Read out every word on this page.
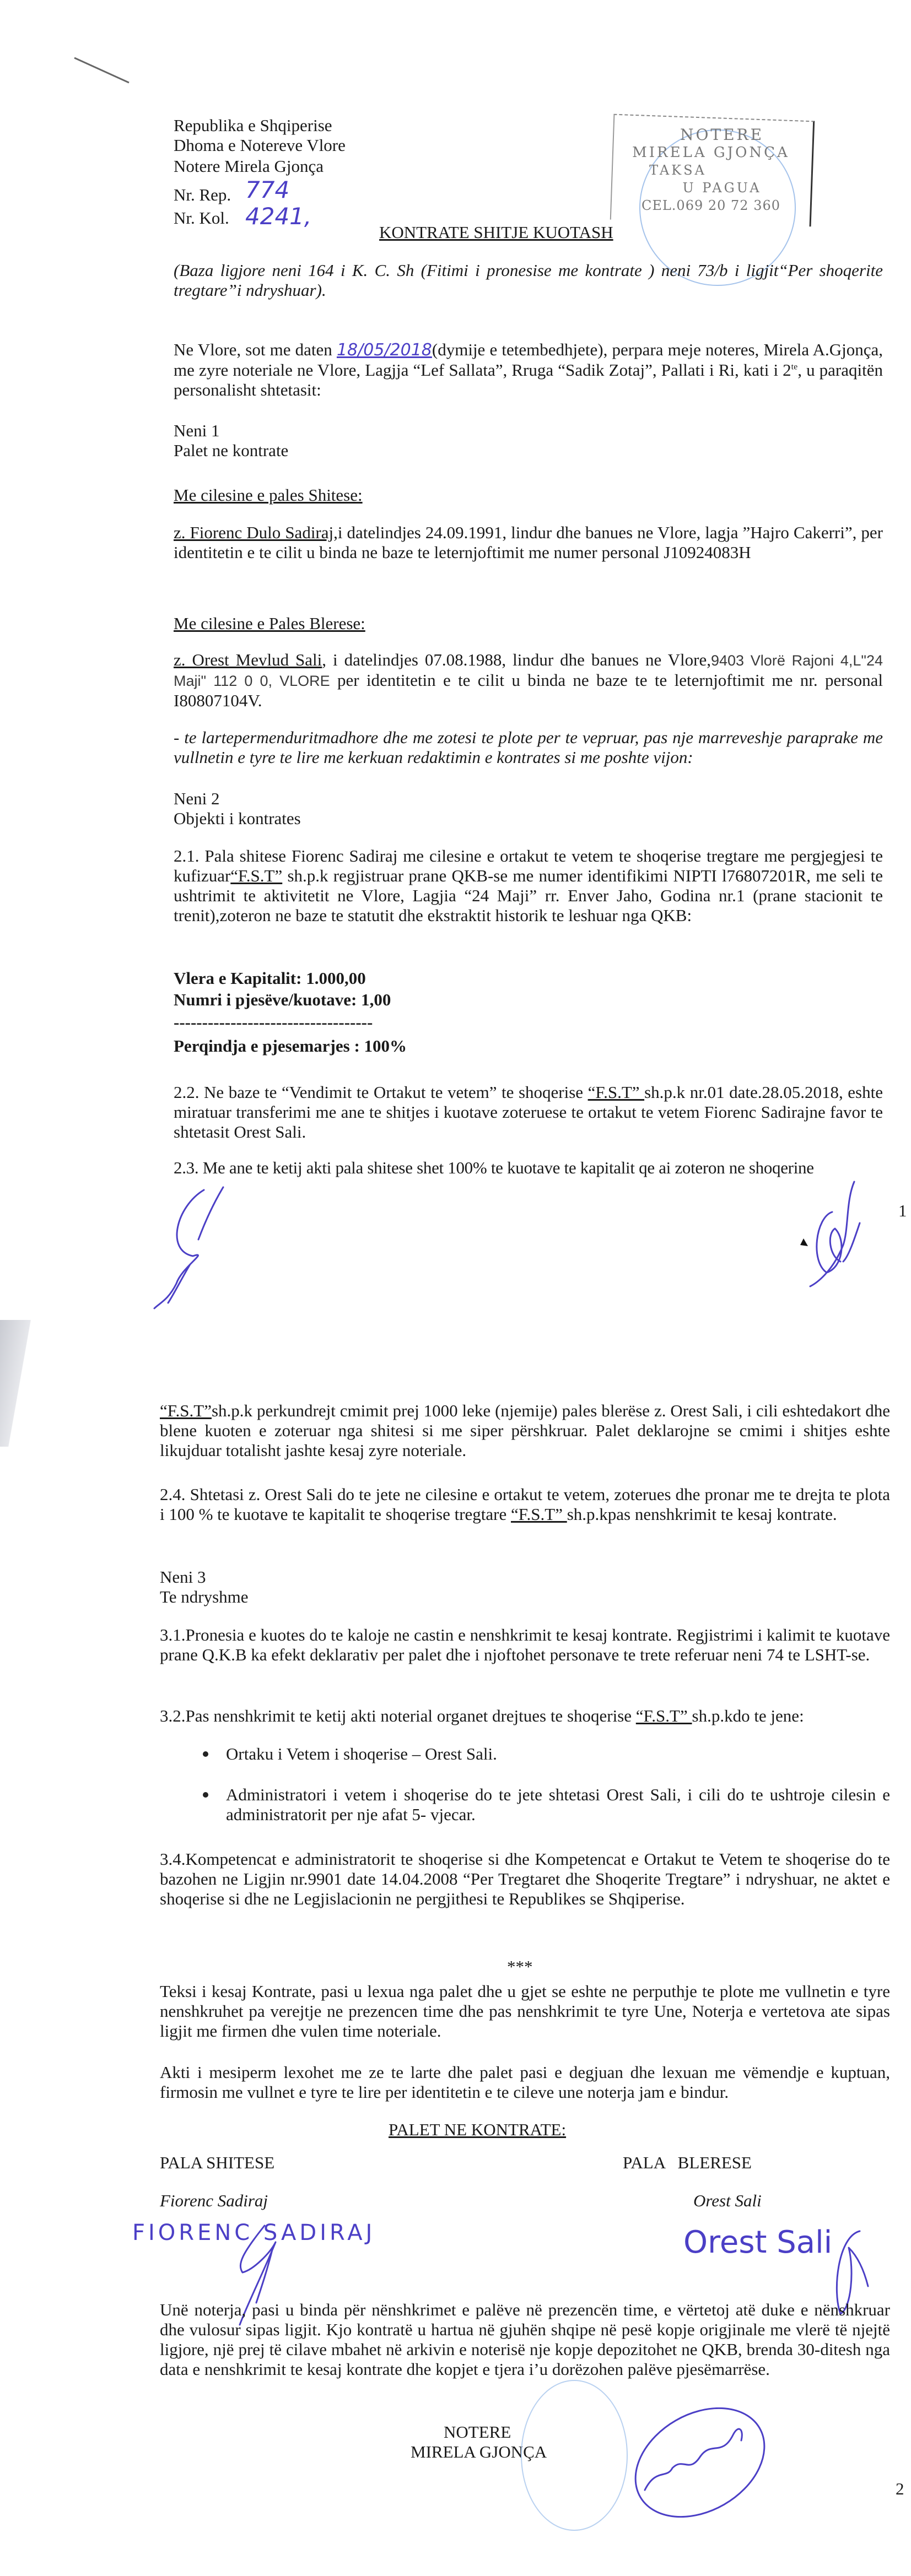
Republika e Shqiperise
Dhoma e Notereve Vlore
Notere Mirela Gjonça
Nr. Rep. 774
Nr. Kol. 4241,
NOTERE
MIRELA GJONÇA
TAKSA
U PAGUA
CEL.069 20 72 360
KONTRATE SHITJE KUOTASH
(Baza ligjore neni 164 i K. C. Sh (Fitimi i pronesise me kontrate ) neni 73/b i ligjit“Per shoqerite tregtare”i ndryshuar).
Ne Vlore, sot me daten 18/05/2018(dymije e tetembedhjete), perpara meje noteres, Mirela A.Gjonça, me zyre noteriale ne Vlore, Lagjja “Lef Sallata”, Rruga “Sadik Zotaj”, Pallati i Ri, kati i $2^{te}$, u paraqitën personalisht shtetasit:
Neni 1
Palet ne kontrate
Me cilesine e pales Shitese:
z. Fiorenc Dulo Sadiraj,i datelindjes 24.09.1991, lindur dhe banues ne Vlore, lagja ”Hajro Cakerri”, per identitetin e te cilit u binda ne baze te leternjoftimit me numer personal J10924083H
Me cilesine e Pales Blerese:
z. Orest Mevlud Sali, i datelindjes 07.08.1988, lindur dhe banues ne Vlore,9403 Vlorë Rajoni 4,L"24 Maji" 112 0 0, VLORE per identitetin e te cilit u binda ne baze te te leternjoftimit me nr. personal I80807104V.
- te lartepermenduritmadhore dhe me zotesi te plote per te vepruar, pas nje marreveshje paraprake me vullnetin e tyre te lire me kerkuan redaktimin e kontrates si me poshte vijon:
Neni 2
Objekti i kontrates
2.1. Pala shitese Fiorenc Sadiraj me cilesine e ortakut te vetem te shoqerise tregtare me pergjegjesi te kufizuar“F.S.T” sh.p.k regjistruar prane QKB-se me numer identifikimi NIPTI l76807201R, me seli te ushtrimit te aktivitetit ne Vlore, Lagjia “24 Maji” rr. Enver Jaho, Godina nr.1 (prane stacionit te trenit),zoteron ne baze te statutit dhe ekstraktit historik te leshuar nga QKB:
Vlera e Kapitalit: 1.000,00
Numri i pjesëve/kuotave: 1,00
-----------------------------------
Perqindja e pjesemarjes : 100%
2.2. Ne baze te “Vendimit te Ortakut te vetem” te shoqerise “F.S.T” sh.p.k nr.01 date.28.05.2018, eshte miratuar transferimi me ane te shitjes i kuotave zoteruese te ortakut te vetem Fiorenc Sadirajne favor te shtetasit Orest Sali.
2.3. Me ane te ketij akti pala shitese shet 100% te kuotave te kapitalit qe ai zoteron ne shoqerine
1
“F.S.T”sh.p.k perkundrejt cmimit prej 1000 leke (njemije) pales blerëse z. Orest Sali, i cili eshtedakort dhe blene kuoten e zoteruar nga shitesi si me siper përshkruar. Palet deklarojne se cmimi i shitjes eshte likujduar totalisht jashte kesaj zyre noteriale.
2.4. Shtetasi z. Orest Sali do te jete ne cilesine e ortakut te vetem, zoterues dhe pronar me te drejta te plota i 100 % te kuotave te kapitalit te shoqerise tregtare “F.S.T” sh.p.kpas nenshkrimit te kesaj kontrate.
Neni 3
Te ndryshme
3.1.Pronesia e kuotes do te kaloje ne castin e nenshkrimit te kesaj kontrate. Regjistrimi i kalimit te kuotave prane Q.K.B ka efekt deklarativ per palet dhe i njoftohet personave te trete referuar neni 74 te LSHT-se.
3.2.Pas nenshkrimit te ketij akti noterial organet drejtues te shoqerise “F.S.T” sh.p.kdo te jene:
Ortaku i Vetem i shoqerise – Orest Sali.
Administratori i vetem i shoqerise do te jete shtetasi Orest Sali, i cili do te ushtroje cilesin e administratorit per nje afat 5- vjecar.
3.4.Kompetencat e administratorit te shoqerise si dhe Kompetencat e Ortakut te Vetem te shoqerise do te bazohen ne Ligjin nr.9901 date 14.04.2008 “Per Tregtaret dhe Shoqerite Tregtare” i ndryshuar, ne aktet e shoqerise si dhe ne Legjislacionin ne pergjithesi te Republikes se Shqiperise.
***
Teksi i kesaj Kontrate, pasi u lexua nga palet dhe u gjet se eshte ne perputhje te plote me vullnetin e tyre nenshkruhet pa verejtje ne prezencen time dhe pas nenshkrimit te tyre Une, Noterja e vertetova ate sipas ligjit me firmen dhe vulen time noteriale.
Akti i mesiperm lexohet me ze te larte dhe palet pasi e degjuan dhe lexuan me vëmendje e kuptuan, firmosin me vullnet e tyre te lire per identitetin e te cileve une noterja jam e bindur.
PALET NE KONTRATE:
PALA SHITESE	PALA   BLERESE
Fiorenc Sadiraj	Orest Sali
FIORENC SADIRAJ	Orest Sali
Unë noterja, pasi u binda për nënshkrimet e palëve në prezencën time, e vërtetoj atë duke e nënshkruar dhe vulosur sipas ligjit. Kjo kontratë u hartua në gjuhën shqipe në pesë kopje origjinale me vlerë të njejtë ligjore, një prej të cilave mbahet në arkivin e noterisë nje kopje depozitohet ne QKB, brenda 30-ditesh nga data e nenshkrimit te kesaj kontrate dhe kopjet e tjera i’u dorëzohen palëve pjesëmarrëse.
NOTERE
MIRELA GJONÇA
2
